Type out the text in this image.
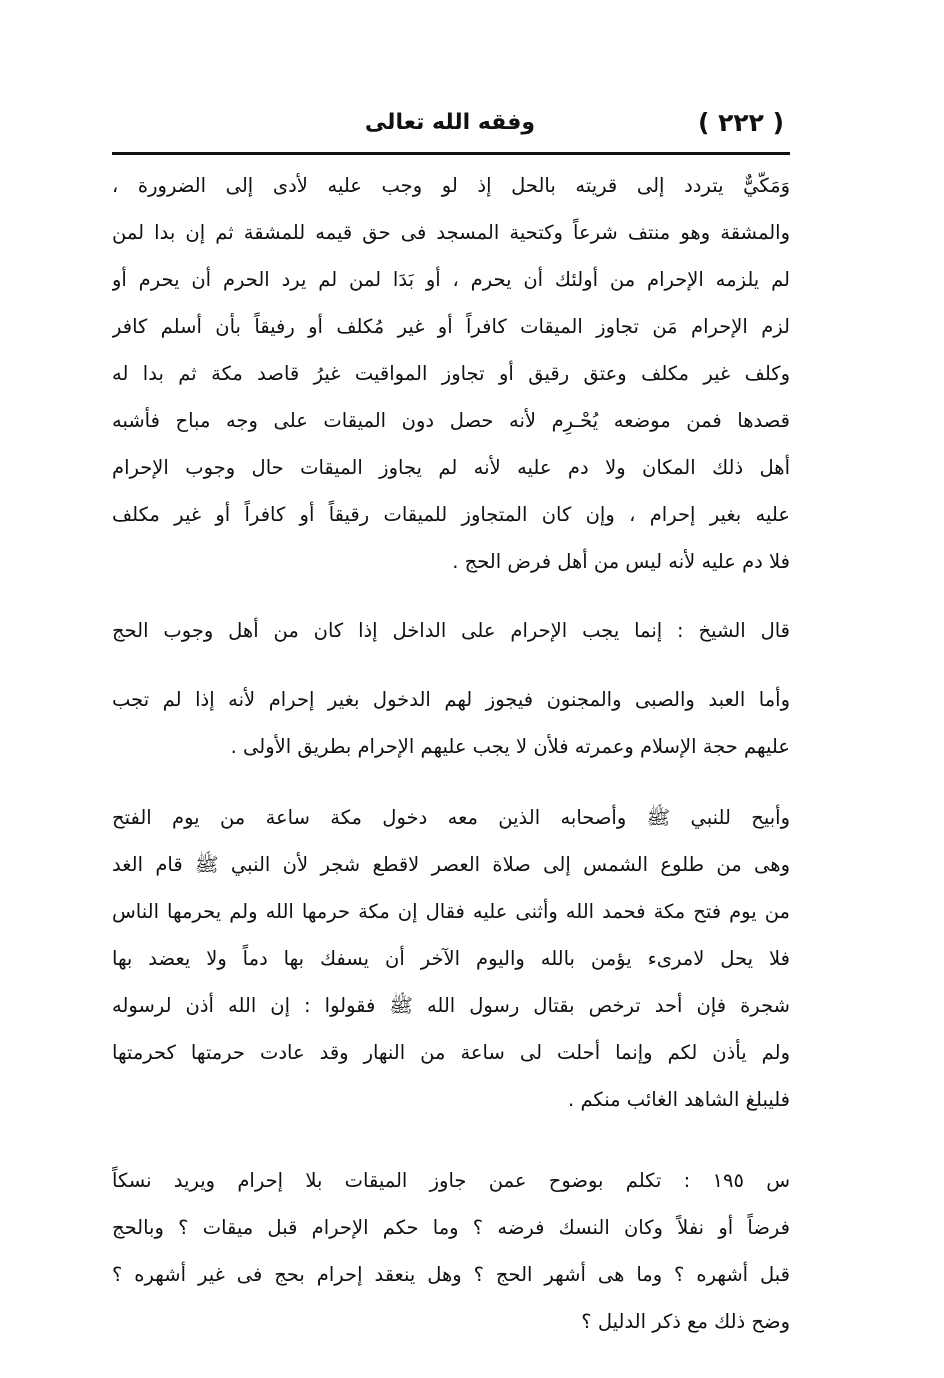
( ٢٢٢ )
وفقه الله تعالى
وَمَكّيٌّ يتردد إلى قريته بالحل إذ لو وجب عليه لأدى إلى الضرورة ،
والمشقة وهو منتف شرعاً وكتحية المسجد فى حق قيمه للمشقة ثم إن بدا لمن
لم يلزمه الإحرام من أولئك أن يحرم ، أو بَدَا لمن لم يرد الحرم أن يحرم أو
لزم الإحرام مَن تجاوز الميقات كافراً أو غير مُكلف أو رفيقاً بأن أسلم كافر
وكلف غير مكلف وعتق رقيق أو تجاوز المواقيت غيرُ قاصد مكة ثم بدا له
قصدها فمن موضعه يُحْـرِم لأنه حصل دون الميقات على وجه مباح فأشبه
أهل ذلك المكان ولا دم عليه لأنه لم يجاوز الميقات حال وجوب الإحرام
عليه بغير إحرام ، وإن كان المتجاوز للميقات رقيقاً أو كافراً أو غير مكلف
فلا دم عليه لأنه ليس من أهل فرض الحج .
قال الشيخ : إنما يجب الإحرام على الداخل إذا كان من أهل وجوب الحج
وأما العبد والصبى والمجنون فيجوز لهم الدخول بغير إحرام لأنه إذا لم تجب
عليهم حجة الإسلام وعمرته فلأن لا يجب عليهم الإحرام بطريق الأولى .
وأبيح للنبي ﷺ وأصحابه الذين معه دخول مكة ساعة من يوم الفتح
وهى من طلوع الشمس إلى صلاة العصر لاقطع شجر لأن النبي ﷺ قام الغد
من يوم فتح مكة فحمد الله وأثنى عليه فقال إن مكة حرمها الله ولم يحرمها الناس
فلا يحل لامرىء يؤمن بالله واليوم الآخر أن يسفك بها دماً ولا يعضد بها
شجرة فإن أحد ترخص بقتال رسول الله ﷺ فقولوا : إن الله أذن لرسوله
ولم يأذن لكم وإنما أحلت لى ساعة من النهار وقد عادت حرمتها كحرمتها
فليبلغ الشاهد الغائب منكم .
س ١٩٥ : تكلم بوضوح عمن جاوز الميقات بلا إحرام ويريد نسكاً
فرضاً أو نفلاً وكان النسك فرضه ؟ وما حكم الإحرام قبل ميقات ؟ وبالحج
قبل أشهره ؟ وما هى أشهر الحج ؟ وهل ينعقد إحرام بحج فى غير أشهره ؟
وضح ذلك مع ذكر الدليل ؟
